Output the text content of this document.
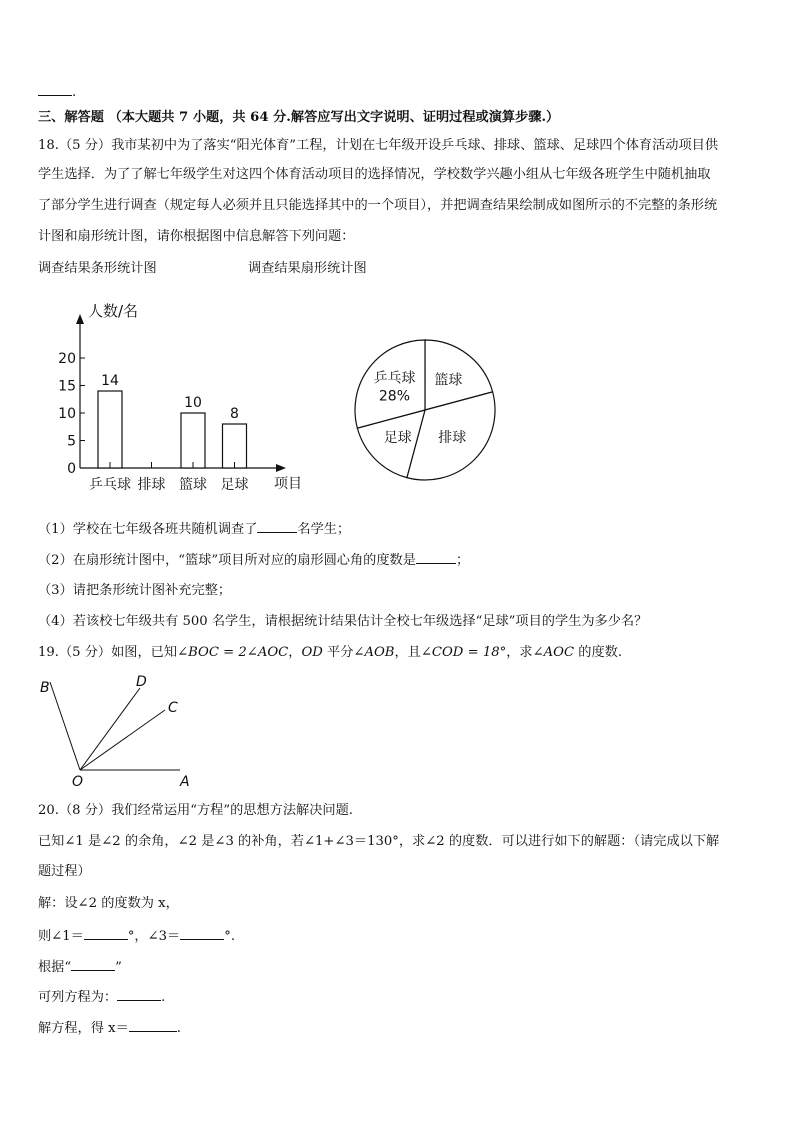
.
三、解答题 （本大题共 7 小题，共 64 分.解答应写出文字说明、证明过程或演算步骤.）
18.（5 分）我市某初中为了落实“阳光体育”工程，计划在七年级开设乒乓球、排球、篮球、足球四个体育活动项目供
学生选择．为了了解七年级学生对这四个体育活动项目的选择情况，学校数学兴趣小组从七年级各班学生中随机抽取
了部分学生进行调查（规定每人必须并且只能选择其中的一个项目），并把调查结果绘制成如图所示的不完整的条形统
计图和扇形统计图，请你根据图中信息解答下列问题：
调查结果条形统计图	调查结果扇形统计图
人数/名
项目
0
5
10
15
20
14
乒乓球 排球
10
篮球
8
足球
篮球
排球
足球
乒乓球 28%
（1）学校在七年级各班共随机调查了	名学生；
（2）在扇形统计图中，“篮球”项目所对应的扇形圆心角的度数是	；
（3）请把条形统计图补充完整；
（4）若该校七年级共有 500 名学生，请根据统计结果估计全校七年级选择“足球”项目的学生为多少名？
19.（5 分）如图，已知∠BOC = 2∠AOC，OD 平分∠AOB，且∠COD = 18°，求∠AOC 的度数.
B	D
C
O	A
20.（8 分）我们经常运用“方程”的思想方法解决问题.
已知∠1 是∠2 的余角，∠2 是∠3 的补角，若∠1+∠3＝130°，求∠2 的度数．可以进行如下的解题：（请完成以下解
题过程）
解：设∠2 的度数为 x，
则∠1＝	°，∠3＝	°.
根据“	”
可列方程为：	.
解方程，得 x＝	.
